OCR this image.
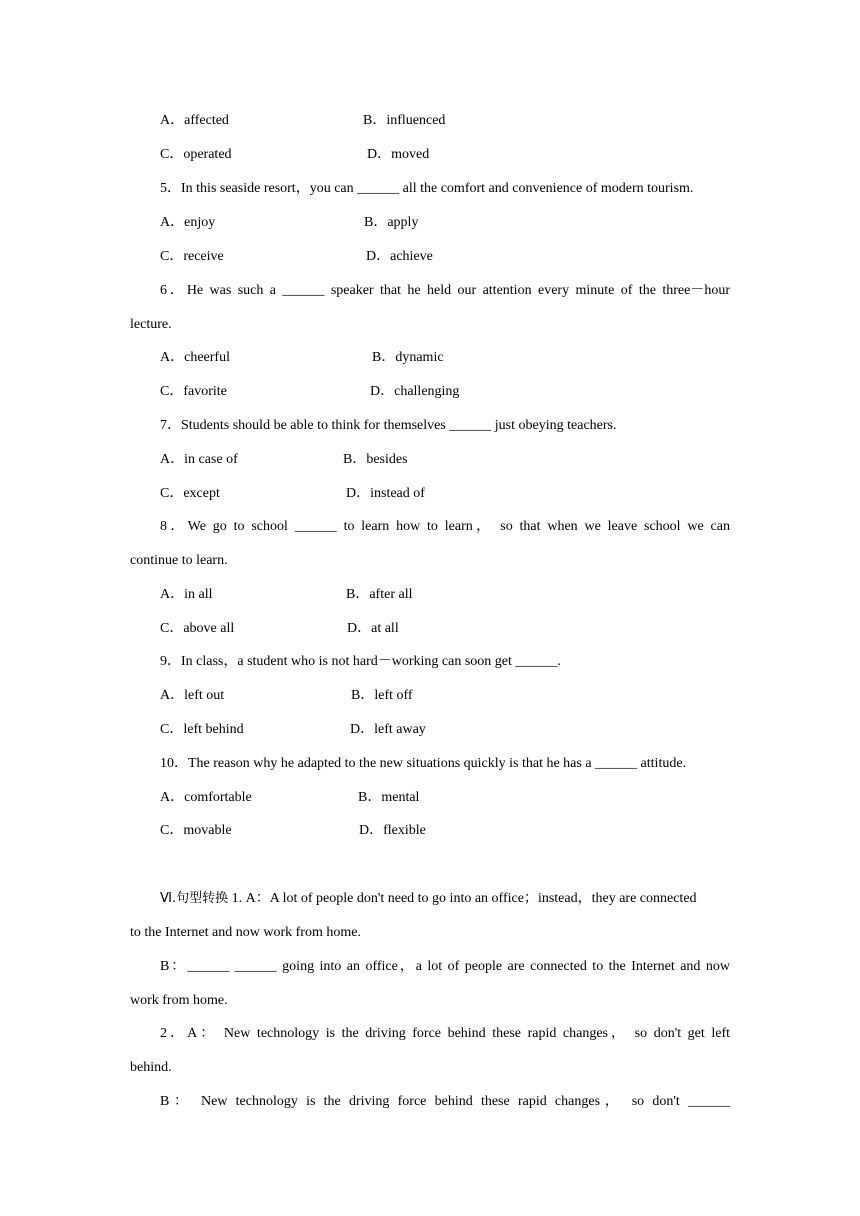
A．affected	B．influenced
C．operated	D．moved
5．In this seaside resort，you can ______ all the comfort and convenience of modern tourism.
A．enjoy	B．apply
C．receive	D．achieve
6．He was such a ______ speaker that he held our attention every minute of the three－hour
lecture.
A．cheerful	B．dynamic
C．favorite	D．challenging
7．Students should be able to think for themselves ______ just obeying teachers.
A．in case of	B．besides
C．except	D．instead of
8．We go to school ______ to learn how to learn， so that when we leave school we can
continue to learn.
A．in all	B．after all
C．above all	D．at all
9．In class，a student who is not hard－working can soon get ______.
A．left out	B．left off
C．left behind	D．left away
10．The reason why he adapted to the new situations quickly is that he has a ______ attitude.
A．comfortable	B．mental
C．movable	D．flexible
Ⅵ.句型转换 1. A：A lot of people don't need to go into an office；instead，they are connected
to the Internet and now work from home.
B：______ ______ going into an office，a lot of people are connected to the Internet and now
work from home.
2．A： New technology is the driving force behind these rapid changes， so don't get left
behind.
B： New technology is the driving force behind these rapid changes， so don't ______
